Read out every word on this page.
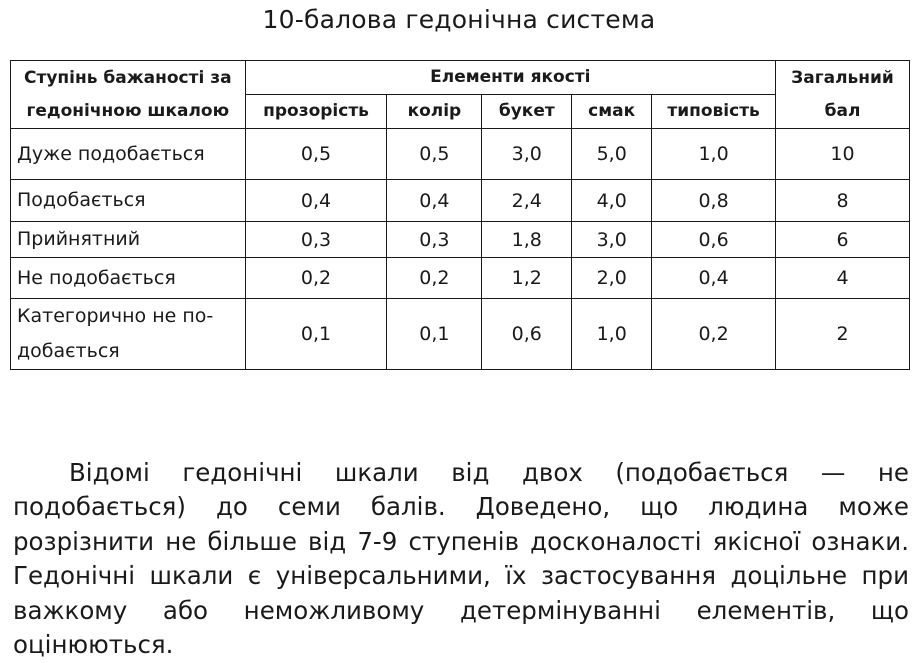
10-балова гедонічна система
Ступінь бажаності за гедонічною шкалою	Елементи якості					Загальний бал
	прозорість	колір	букет	смак	типовість	
Дуже подобається	0,5	0,5	3,0	5,0	1,0	10
Подобається	0,4	0,4	2,4	4,0	0,8	8
Прийнятний	0,3	0,3	1,8	3,0	0,6	6
Не подобається	0,2	0,2	1,2	2,0	0,4	4
Категорично не по-добається	0,1	0,1	0,6	1,0	0,2	2

Відомі гедонічні шкали від двох (подобається — не подобається) до семи балів. Доведено, що людина може розрізнити не більше від 7-9 ступенів досконалості якісної ознаки. Гедонічні шкали є універсальними, їх застосування доцільне при важкому або неможливому детермінуванні елементів, що оцінюються.
